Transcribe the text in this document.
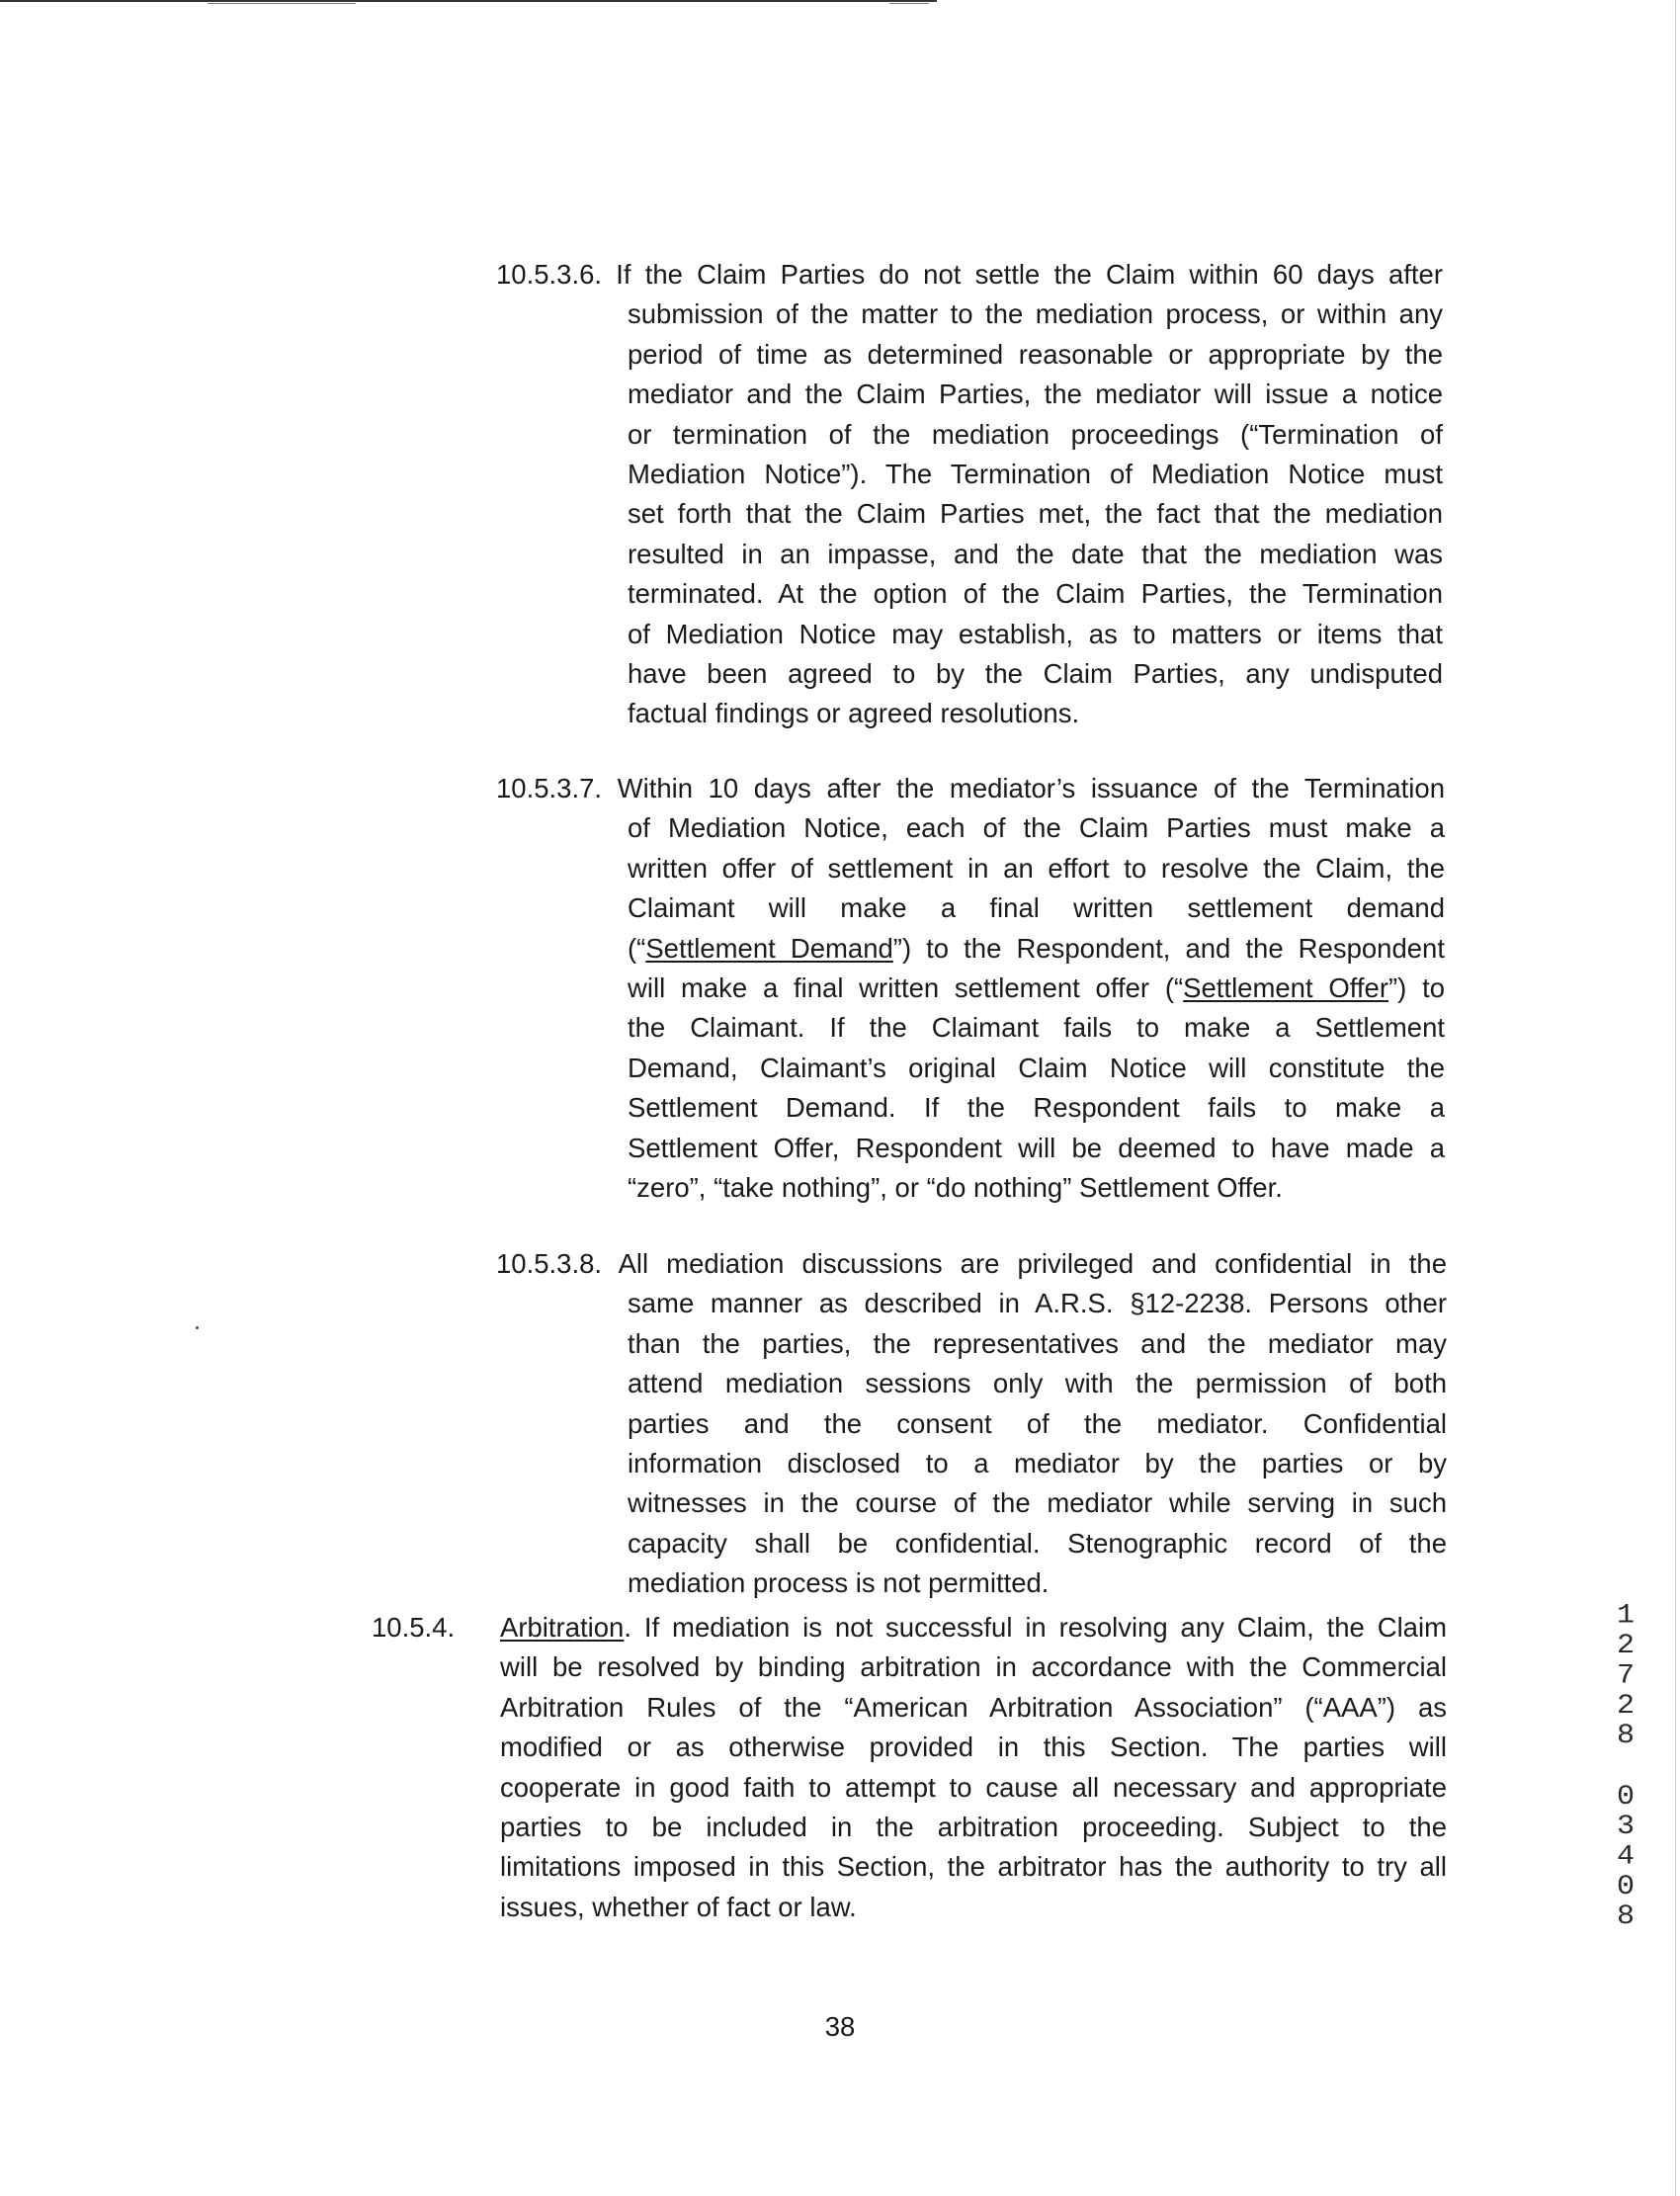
10.5.3.6. If the Claim Parties do not settle the Claim within 60 days after
submission of the matter to the mediation process, or within any
period of time as determined reasonable or appropriate by the
mediator and the Claim Parties, the mediator will issue a notice
or termination of the mediation proceedings (“Termination of
Mediation Notice”). The Termination of Mediation Notice must
set forth that the Claim Parties met, the fact that the mediation
resulted in an impasse, and the date that the mediation was
terminated. At the option of the Claim Parties, the Termination
of Mediation Notice may establish, as to matters or items that
have been agreed to by the Claim Parties, any undisputed
factual findings or agreed resolutions.
10.5.3.7. Within 10 days after the mediator’s issuance of the Termination
of Mediation Notice, each of the Claim Parties must make a
written offer of settlement in an effort to resolve the Claim, the
Claimant will make a final written settlement demand
(“Settlement Demand”) to the Respondent, and the Respondent
will make a final written settlement offer (“Settlement Offer”) to
the Claimant. If the Claimant fails to make a Settlement
Demand, Claimant’s original Claim Notice will constitute the
Settlement Demand. If the Respondent fails to make a
Settlement Offer, Respondent will be deemed to have made a
“zero”, “take nothing”, or “do nothing” Settlement Offer.
10.5.3.8. All mediation discussions are privileged and confidential in the
same manner as described in A.R.S. §12-2238. Persons other
than the parties, the representatives and the mediator may
attend mediation sessions only with the permission of both
parties and the consent of the mediator. Confidential
information disclosed to a mediator by the parties or by
witnesses in the course of the mediator while serving in such
capacity shall be confidential. Stenographic record of the
mediation process is not permitted.
10.5.4. Arbitration. If mediation is not successful in resolving any Claim, the Claim
will be resolved by binding arbitration in accordance with the Commercial
Arbitration Rules of the “American Arbitration Association” (“AAA”) as
modified or as otherwise provided in this Section. The parties will
cooperate in good faith to attempt to cause all necessary and appropriate
parties to be included in the arbitration proceeding. Subject to the
limitations imposed in this Section, the arbitrator has the authority to try all
issues, whether of fact or law.
38
1
2
7
2
8
0
3
4
0
8
